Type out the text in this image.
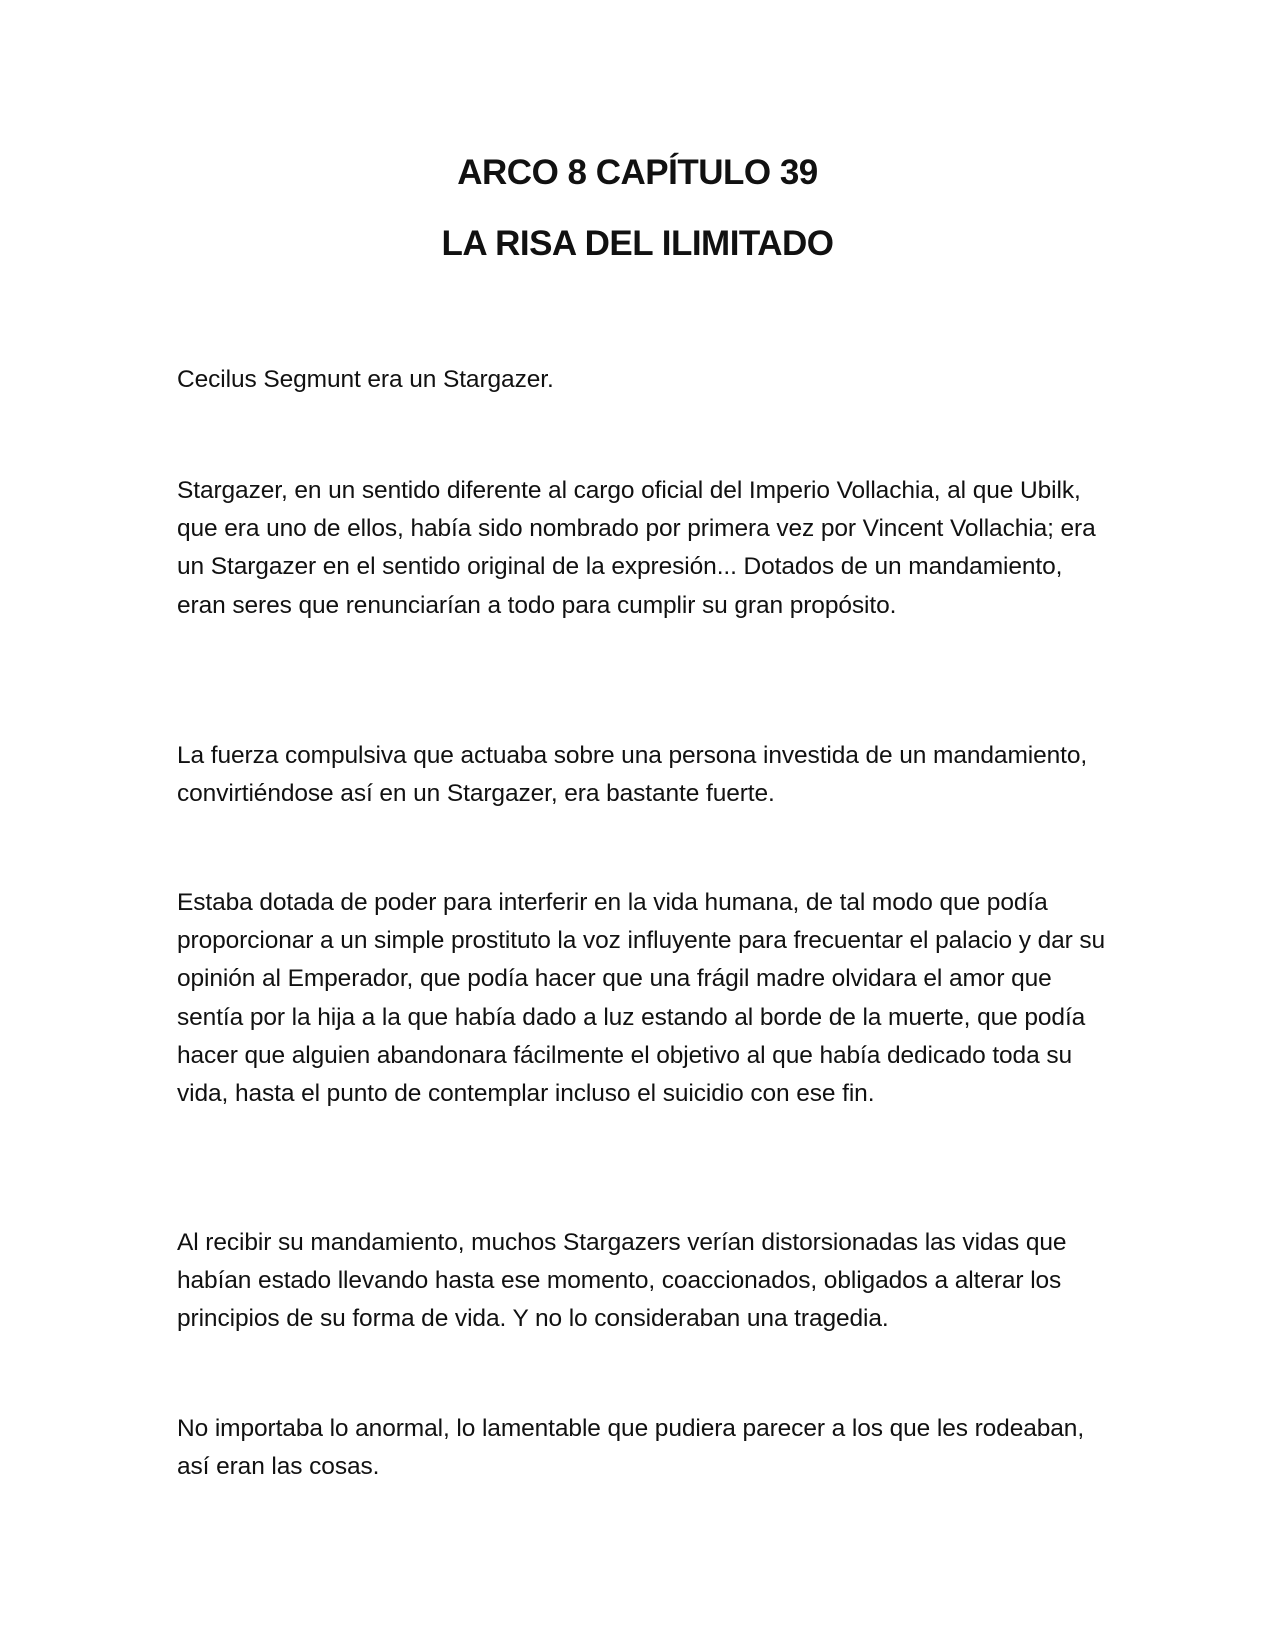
ARCO 8 CAPÍTULO 39
LA RISA DEL ILIMITADO

Cecilus Segmunt era un Stargazer.

Stargazer, en un sentido diferente al cargo oficial del Imperio Vollachia, al que Ubilk, que era uno de ellos, había sido nombrado por primera vez por Vincent Vollachia; era un Stargazer en el sentido original de la expresión... Dotados de un mandamiento, eran seres que renunciarían a todo para cumplir su gran propósito.

La fuerza compulsiva que actuaba sobre una persona investida de un mandamiento, convirtiéndose así en un Stargazer, era bastante fuerte.

Estaba dotada de poder para interferir en la vida humana, de tal modo que podía proporcionar a un simple prostituto la voz influyente para frecuentar el palacio y dar su opinión al Emperador, que podía hacer que una frágil madre olvidara el amor que sentía por la hija a la que había dado a luz estando al borde de la muerte, que podía hacer que alguien abandonara fácilmente el objetivo al que había dedicado toda su vida, hasta el punto de contemplar incluso el suicidio con ese fin.

Al recibir su mandamiento, muchos Stargazers verían distorsionadas las vidas que habían estado llevando hasta ese momento, coaccionados, obligados a alterar los principios de su forma de vida. Y no lo consideraban una tragedia.

No importaba lo anormal, lo lamentable que pudiera parecer a los que les rodeaban, así eran las cosas.
